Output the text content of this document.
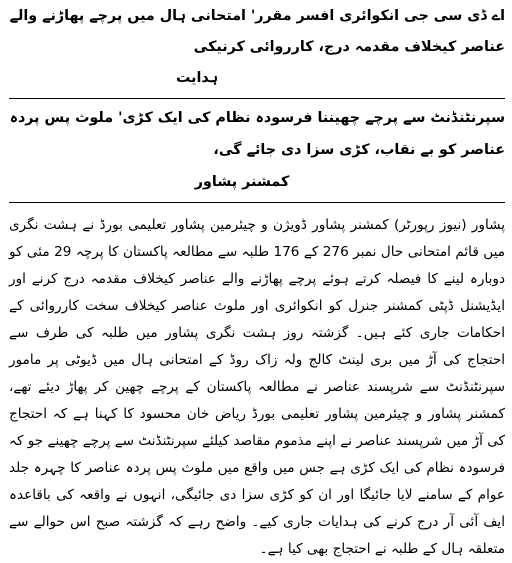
اے ڈی سی جی انکوائری افسر مقرر' امتحانی ہال میں پرچے پھاڑنے والے عناصر کیخلاف مقدمہ درج، کارروائی کرنیکی
ہدایت
سپرنٹنڈنٹ سے پرچے چھیننا فرسودہ نظام کی ایک کڑی' ملوث پس پردہ عناصر کو بے نقاب، کڑی سزا دی جائے گی،
کمشنر پشاور

پشاور (نیوز رپورٹر) کمشنر پشاور ڈویژن و چیئرمین پشاور تعلیمی بورڈ نے ہشت نگری میں قائم امتحانی حال نمبر 276 کے 176 طلبہ سے مطالعہ پاکستان کا پرچہ 29 مئی کو دوبارہ لینے کا فیصلہ کرتے ہوئے پرچے پھاڑنے والے عناصر کیخلاف مقدمہ درج کرنے اور ایڈیشنل ڈپٹی کمشنر جنرل کو انکوائری اور ملوث عناصر کیخلاف سخت کارروائی کے احکامات جاری کئے ہیں۔ گزشتہ روز ہشت نگری پشاور میں طلبہ کی طرف سے احتجاج کی آڑ میں بری لینٹ کالج ولہ زاک روڈ کے امتحانی ہال میں ڈیوٹی پر مامور سپرنٹنڈنٹ سے شرپسند عناصر نے مطالعہ پاکستان کے پرچے چھین کر پھاڑ دیئے تھے، کمشنر پشاور و چیئرمین پشاور تعلیمی بورڈ ریاض خان محسود کا کہنا ہے کہ احتجاج کی آڑ میں شرپسند عناصر نے اپنے مذموم مقاصد کیلئے سپرنٹنڈنٹ سے پرچے چھینے جو کہ فرسودہ نظام کی ایک کڑی ہے جس میں واقع میں ملوث پس پردہ عناصر کا چہرہ جلد عوام کے سامنے لایا جائیگا اور ان کو کڑی سزا دی جائیگی، انہوں نے واقعہ کی باقاعدہ ایف آئی آر درج کرنے کی ہدایات جاری کیے۔ واضح رہے کہ گزشتہ صبح اس حوالے سے متعلقہ ہال کے طلبہ نے احتجاج بھی کیا ہے۔
